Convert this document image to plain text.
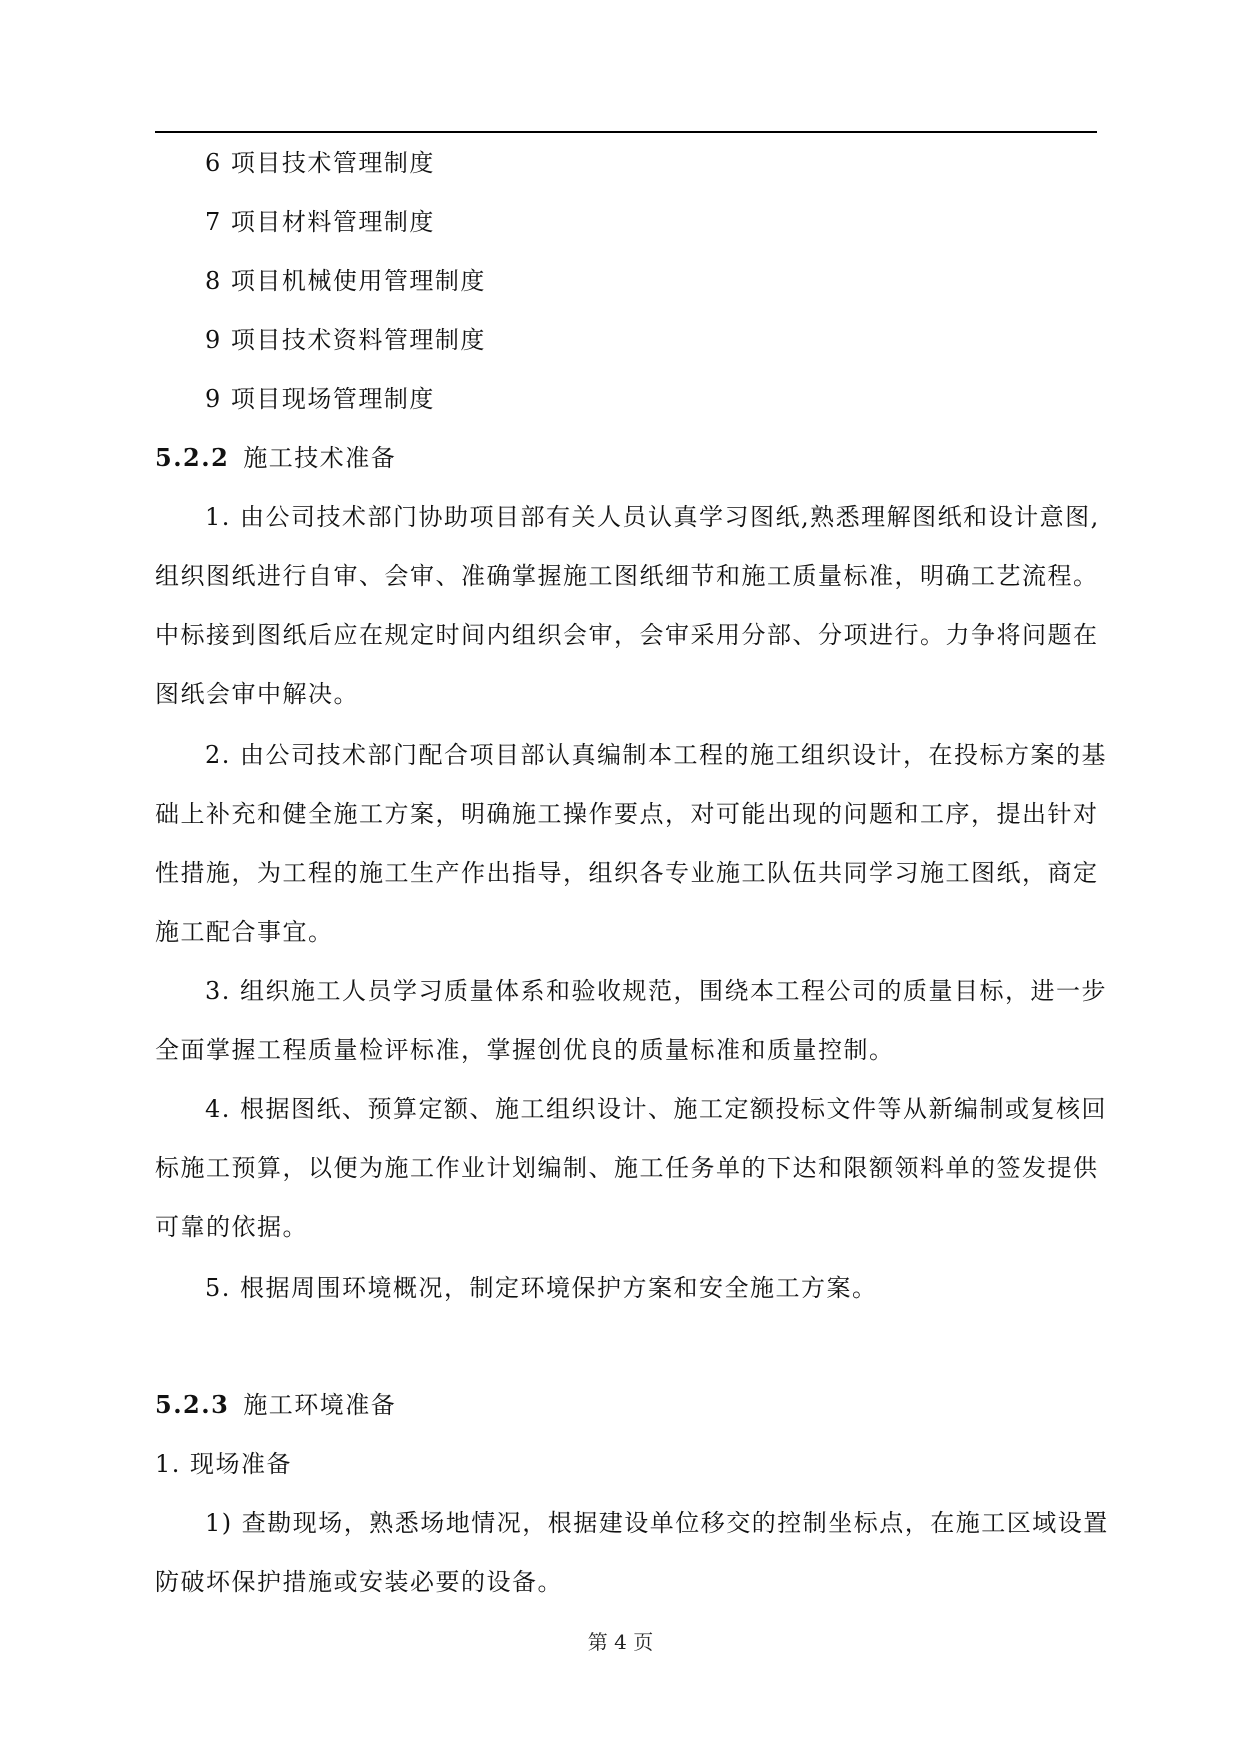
6 项目技术管理制度
7 项目材料管理制度
8 项目机械使用管理制度
9 项目技术资料管理制度
9 项目现场管理制度
5.2.2 施工技术准备
1. 由公司技术部门协助项目部有关人员认真学习图纸,熟悉理解图纸和设计意图,
组织图纸进行自审、会审、准确掌握施工图纸细节和施工质量标准，明确工艺流程。
中标接到图纸后应在规定时间内组织会审，会审采用分部、分项进行。力争将问题在
图纸会审中解决。
2. 由公司技术部门配合项目部认真编制本工程的施工组织设计，在投标方案的基
础上补充和健全施工方案，明确施工操作要点，对可能出现的问题和工序，提出针对
性措施，为工程的施工生产作出指导，组织各专业施工队伍共同学习施工图纸，商定
施工配合事宜。
3. 组织施工人员学习质量体系和验收规范，围绕本工程公司的质量目标，进一步
全面掌握工程质量检评标准，掌握创优良的质量标准和质量控制。
4. 根据图纸、预算定额、施工组织设计、施工定额投标文件等从新编制或复核回
标施工预算，以便为施工作业计划编制、施工任务单的下达和限额领料单的签发提供
可靠的依据。
5. 根据周围环境概况，制定环境保护方案和安全施工方案。
5.2.3 施工环境准备
1. 现场准备
1) 查勘现场，熟悉场地情况，根据建设单位移交的控制坐标点，在施工区域设置
防破坏保护措施或安装必要的设备。
第 4 页
